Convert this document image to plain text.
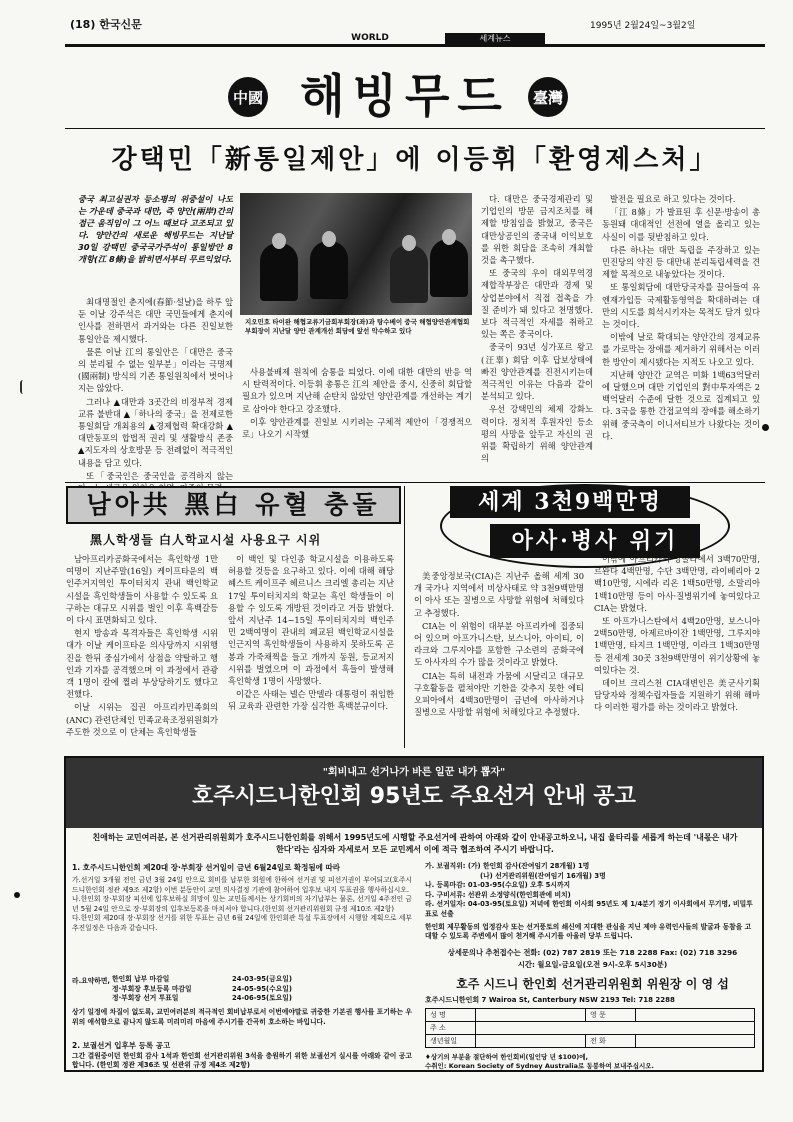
(18) 한국신문	1995년 2월24일~3월2일
WORLD	세계뉴스
中國 해빙무드	臺灣
강택민「新통일제안」에 이등휘「환영제스처」
중국 최고실권자 등소평의 위중설이 나도는 가운데 중국과 대만, 즉 양안(兩岸)간의 접근 움직임이 그 어느 때보다 고조되고 있다. 양안간의 새로운 해빙무드는 지난달 30일 강택민 중국국가주석이 통일방안 8개항(江 8條)을 밝히면서부터 무르익었다.
지오민호 타이완 해협교류기금회부회장(좌)과 탕수베이 중국 해협양안관계협회 부회장이 지난달 양안 관계개선 회담에 앞선 악수하고 있다

최대명절인 춘지에(春節·설날)을 하루 앞둔 이날 강주석은 대만 국민들에게 춘지에 인사를 전하면서 과거와는 다른 진일보한 통일안을 제시했다.

물론 이날 江의 통일안은「대만은 중국의 분리될 수 없는 일부분」이라는 극명제(國兩制) 방식의 기존 통일원칙에서 벗어나지는 않았다.

그러나 ▲대만과 3곳간의 비정부적 경제교류 불반대 ▲「하나의 중국」을 전제로한 통일회담 개최용의 ▲경제협력 확대강화 ▲대만동포의 합법적 권리 및 생활방식 존중 ▲지도자의 상호방문 등 전례없이 적극적인 내용을 담고 있다.

또「중국인은 중국인을 공격하지 않는

사용불배제 원칙에 숨통을 틔었다. 이에 대한 대만의 반응 역시 탄력적이다. 이등휘 총통은 江의 제안을 중시, 신중히 회답할 필요가 있으며 지난해 순탄치 않았던 양안관계를 개선하는 계기로 삼아야 한다고 강조했다.

이후 양안관계를 진일보 시키려는 구체적 제안이「경쟁적으로」나오기 시작했

다. 대만은 중국경제관리 및 기업인의 방문 금지조치를 해제할 방침임을 밝혔고, 중국은 대만상공인의 중국내 이익보호를 위한 회담을 조속히 개최할 것을 촉구했다.

또 중국의 우이 대외무역경제합작부장은 대만과 경제 및 상업분야에서 직접 접촉을 가질 준비가 돼 있다고 천명했다. 보다 적극적인 자세를 취하고 있는 쪽은 중국이다.

중국이 93년 싱가포르 왕고(汪辜) 회담 이후 답보상태에 빠진 양안관계를 진전시키는데 적극적인 이유는 다음과 같이 분석되고 있다.

우선 강택민의 체제 강화노력이다. 정치적 후원자인 등소평의 사망을 앞두고 자신의 권위를 확립하기 위해 양안관계의

발전을 필요로 하고 있다는 것이다.

「江 8條」가 발표된 후 신문·방송이 총동원돼 대대적인 선전에 열을 올리고 있는 사실이 이를 뒷받침하고 있다.

다른 하나는 대만 독립을 주장하고 있는 민진당의 약진 등 대만내 분리독립세력을 견제할 목적으로 내놓았다는 것이다.

또 통일회담에 대만당국자를 끌어들여 유엔재가입등 국제활동영역을 확대하려는 대만의 시도를 희석시키자는 목적도 담겨 있다는 것이다.

이밖에 날로 확대되는 양안간의 경제교류를 가로막는 장애를 제거하기 위해서는 이러한 방안이 제시됐다는 지적도 나오고 있다.

지난해 양안간 교역은 미화 1백63억달러에 달했으며 대만 기업인의 對中투자액은 2백억달러 수준에 달한 것으로 집계되고 있다. 3국을 통한 간접교역의 장애를 해소하기 위해 중국측이 이니셔티브가 나왔다는 것이다.

남아共 黑白 유혈 충돌
黑人학생들 白人학교시설 사용요구 시위

남아프리카공화국에서는 흑인학생 1만여명이 지난주말(16일) 케이프타운의 백인주거지역인 투이터치지 관내 백인학교시설을 흑인학생들이 사용할 수 있도록 요구하는 대규모 시위를 벌인 이후 흑백갈등이 다시 표면화되고 있다.

현지 방송과 목격자들은 흑인학생 시위대가 이날 케이프타운 의사당까지 시위행진을 한뒤 중심가에서 상점을 약탈하고 행인과 기자를 공격했으며 이 과정에서 관광객 1명이 칼에 찔려 부상당하기도 했다고 전했다.

이날 시위는 집권 아프리카민족회의(ANC) 관련단체인 민족교육조정위원회가 주도한 것으로 이 단체는 흑인학생들

이 백인 및 다인종 학교시설을 이용하도록 허용할 것등을 요구하고 있다. 이에 대해 해당 혜스트 케이프주 헤르니스 크리엘 총리는 지난 17일 투이터치지의 학교는 흑인 학생들이 이용할 수 있도록 개방된 것이라고 거듭 밝혔다. 앞서 지난주 14~15일 투이터치지의 백인주민 2백여명이 관내의 폐교된 백인학교시설을 인근지역 흑인학생들이 사용하지 못하도록 곤봉과 가죽채찍을 들고 개까지 동원, 등교저지 시위를 벌였으며 이 과정에서 흑들이 발생해 흑인학생 1명이 사망했다.

이같은 사태는 넬슨 만델라 대통령이 취임한 뒤 교육과 관련한 가장 심각한 흑백분규이다.

세계 3천9백만명
아사·병사 위기

美중앙정보국(CIA)은 지난주 올해 세계 30개 국가나 지역에서 비상사태로 약 3천9백만명이 아사 또는 질병으로 사망할 위험에 처해있다고 추정했다.

CIA는 이 위험이 대부분 아프리카에 집중되어 있으며 아프가니스탄, 보스니아, 아이티, 이라크와 그루지야를 포함한 구소련의 공화국에도 아사자의 수가 많을 것이라고 밝혔다.

CIA는 특히 내전과 가뭄에 시달리고 대규모 구호활동을 펼쳐야만 기한을 갖추지 못한 에티오피아에서 4백30만명이 금년에 아사하거나 질병으로 사망할 위험에 처해있다고 추정했다.

이밖에 아프리카의 앙골라에서 3백70만명, 르완다 4백만명, 수단 3백만명, 라이베리아 2백10만명, 시에라 리온 1백50만명, 소말리아 1백10만명 등이 아사·질병위기에 놓여있다고 CIA는 밝혔다.

또 아프가니스탄에서 4백20만명, 보스니아 2백50만명, 아제르바이잔 1백만명, 그루지야 1백만명, 타지크 1백만명, 이라크 1백30만명 등 전세계 30곳 3천9백만명이 위기상황에 놓여있다는 것.

데이브 크리스천 CIA대변인은 美군사기획 담당자와 정책수립자들을 지원하기 위해 해마다 이러한 평가를 하는 것이라고 밝혔다.

"회비내고 선거나가 바른 일꾼 내가 뽑자"
호주시드니한인회 95년도 주요선거 안내 공고
친애하는 교민여러분, 본 선거관리위원회가 호주시드니한인회를 위해서 1995년도에 시행할 주요선거에 관하여 아래와 같이 안내공고하오니, 내집 울타리를 세롭게 하는데 '내몫은 내가한다'라는 심자와 자세로서 모든 교민께서 이에 적극 협조하여 주시기 바랍니다.
1. 호주시드니한인회 제20대 장·부회장 선거일이 금년 6월24일로 확정됨에 따라
가.선거일 3개월 전인 금년 3월 24일 안으로 회비를 납부한 회원에 한하여 선거권 및 피선거권이 부여되고(호주시드니한인회 정관 제9조 제2항) 이번 분동안이 교민 의사결정 기관에 참여하여 입후보 내지 투표권을 행사하십시오.
나.한인회 장·부회장 피선에 입후보하실 희망이 있는 교민들께서는 상기회비의 자기납부는 물론, 선거일 4주전인 금년 5월 24일 안으로 장·부회장의 입후보등록을 마치셔야 합니다.(한인회 선거관리위원회 규정 제10조 제2항)
다.한인회 제20대 장·부회장 선거를 위한 투표는 금년 6월 24일에 한인회관 특설 투표장에서 시행할 계획으로 세부 추진일정은 다음과 같습니다.
라.요약하면, 한인회 납부 마감일	24-03-95(금요일)
정·부회장 후보등록 마감일	24-05-95(수요일)
정·부회장 선거 투표일	24-06-95(토요일)
상기 일정에 차질이 없도록, 교민여러분의 적극적인 회비납부로서 이번에야말로 귀중한 기본권 행사를 포기하는 우위의 애석함으로 끝나지 않도록 미리미리 마음에 주시기를 간곡히 호소하는 바입니다.
2. 보궐선거 입후부 등록 공고
그간 결원중이던 한인회 감사 1석과 한인회 선거관리위원 3석을 충원하기 위한 보궐선거 실시를 아래와 같이 공고합니다. (한인회 정관 제36조 및 선관위 규정 제4조 제2항)
가. 보궐직위: (가) 한인회 감사(잔여임기 28개월) 1명
(나) 선거관리위원(잔여임기 16개월) 3명
나. 등록마감: 01-03-95(수요일) 오후 5시까지
다. 구비서류: 선관위 소정양식(한인회관에 비치)
라. 선거일자: 04-03-95(토요일) 저녁에 한인회 이사회 95년도 제 1/4분기 정기 이사회에서 무기명, 비밀투표로 선출
한인회 제무활동의 업정감사 또는 선거풍토의 쇄신에 지대한 관심을 지닌 제야 유력인사들의 발굴과 동참을 고대할 수 있도록 주변에서 많이 천거해 주시기를 아울러 당부 드립니다.
상세문의나 추천접수는 전화: (02) 787 2819 또는 718 2288 Fax: (02) 718 3296
시간: 월요일-금요일(오전 9시-오후 5시30분)
호주 시드니 한인회 선거관리위원회 위원장 이 영 섭
호주시드니한인회 7 Wairoa St, Canterbury NSW 2193 Tel: 718 2288
성 명	영 문
주 소
생년월일	전 화
♦상기의 부분을 절단하여 한인회비(일인당 년 $100)에,
수취인: Korean Society of Sydney Australia로 동봉하여 보내주십시오.
